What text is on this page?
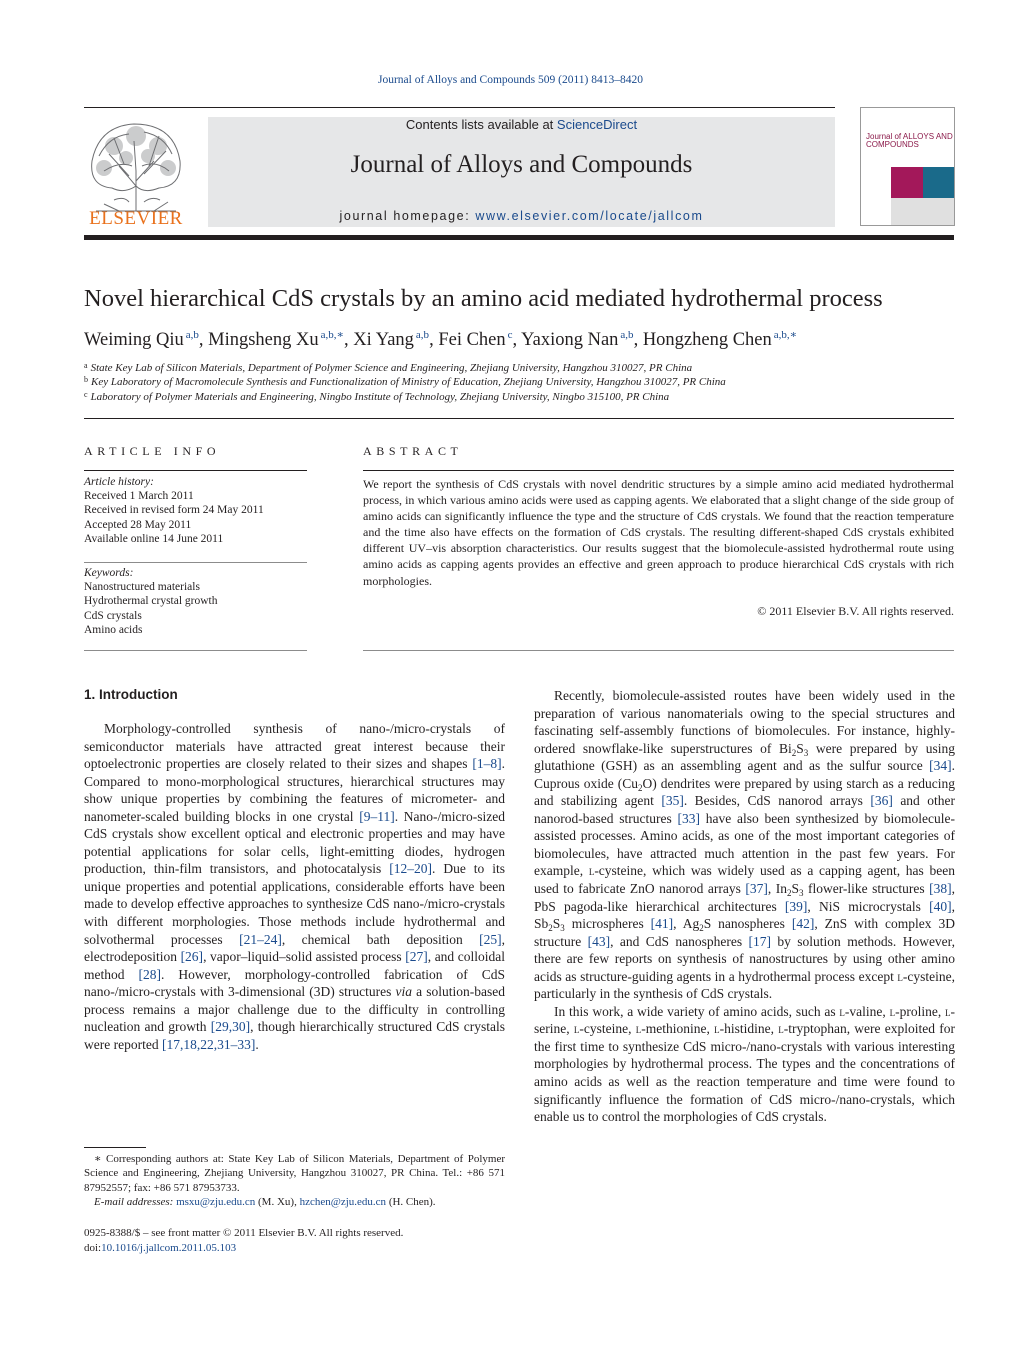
Journal of Alloys and Compounds 509 (2011) 8413–8420
ELSEVIER
Contents lists available at ScienceDirect
Journal of Alloys and Compounds
journal homepage: www.elsevier.com/locate/jallcom
Journal of ALLOYS AND COMPOUNDS
Novel hierarchical CdS crystals by an amino acid mediated hydrothermal process
Weiming Qiu $^{a,b}$, Mingsheng Xu $^{a,b,∗}$, Xi Yang $^{a,b}$, Fei Chen $^c$, Yaxiong Nan $^{a,b}$, Hongzheng Chen $^{a,b,∗}$
$^a$ State Key Lab of Silicon Materials, Department of Polymer Science and Engineering, Zhejiang University, Hangzhou 310027, PR China
$^b$ Key Laboratory of Macromolecule Synthesis and Functionalization of Ministry of Education, Zhejiang University, Hangzhou 310027, PR China
$^c$ Laboratory of Polymer Materials and Engineering, Ningbo Institute of Technology, Zhejiang University, Ningbo 315100, PR China
ARTICLE INFO	ABSTRACT
Article history:
Received 1 March 2011
Received in revised form 24 May 2011
Accepted 28 May 2011
Available online 14 June 2011
Keywords:
Nanostructured materials
Hydrothermal crystal growth
CdS crystals
Amino acids
We report the synthesis of CdS crystals with novel dendritic structures by a simple amino acid mediated hydrothermal process, in which various amino acids were used as capping agents. We elaborated that a slight change of the side group of amino acids can significantly influence the type and the structure of CdS crystals. We found that the reaction temperature and the time also have effects on the formation of CdS crystals. The resulting different-shaped CdS crystals exhibited different UV–vis absorption characteristics. Our results suggest that the biomolecule-assisted hydrothermal route using amino acids as capping agents provides an effective and green approach to produce hierarchical CdS crystals with rich morphologies.
© 2011 Elsevier B.V. All rights reserved.
1. Introduction

Morphology-controlled synthesis of nano-/micro-crystals of semiconductor materials have attracted great interest because their optoelectronic properties are closely related to their sizes and shapes [1–8]. Compared to mono-morphological structures, hierarchical structures may show unique properties by combining the features of micrometer- and nanometer-scaled building blocks in one crystal [9–11]. Nano-/micro-sized CdS crystals show excellent optical and electronic properties and may have potential applications for solar cells, light-emitting diodes, hydrogen production, thin-film transistors, and photocatalysis [12–20]. Due to its unique properties and potential applications, considerable efforts have been made to develop effective approaches to synthesize CdS nano-/micro-crystals with different morphologies. Those methods include hydrothermal and solvothermal processes [21–24], chemical bath deposition [25], electrodeposition [26], vapor–liquid–solid assisted process [27], and colloidal method [28]. However, morphology-controlled fabrication of CdS nano-/micro-crystals with 3-dimensional (3D) structures via a solution-based process remains a major challenge due to the difficulty in controlling nucleation and growth [29,30], though hierarchically structured CdS crystals were reported [17,18,22,31–33].

Recently, biomolecule-assisted routes have been widely used in the preparation of various nanomaterials owing to the special structures and fascinating self-assembly functions of biomolecules. For instance, highly-ordered snowflake-like superstructures of $Bi_2S_3$ were prepared by using glutathione (GSH) as an assembling agent and as the sulfur source [34]. Cuprous oxide $(Cu_2O)$ dendrites were prepared by using starch as a reducing and stabilizing agent [35]. Besides, CdS nanorod arrays [36] and other nanorod-based structures [33] have also been synthesized by biomolecule-assisted processes. Amino acids, as one of the most important categories of biomolecules, have attracted much attention in the past few years. For example, l-cysteine, which was widely used as a capping agent, has been used to fabricate ZnO nanorod arrays [37], $In_2S_3$ flower-like structures [38], PbS pagoda-like hierarchical architectures [39], NiS microcrystals [40], $Sb_2S_3$ microspheres [41], $Ag_2S$ nanospheres [42], ZnS with complex 3D structure [43], and CdS nanospheres [17] by solution methods. However, there are few reports on synthesis of nanostructures by using other amino acids as structure-guiding agents in a hydrothermal process except l-cysteine, particularly in the synthesis of CdS crystals.

In this work, a wide variety of amino acids, such as l-valine, l-proline, l-serine, l-cysteine, l-methionine, l-histidine, l-tryptophan, were exploited for the first time to synthesize CdS micro-/nano-crystals with various interesting morphologies by hydrothermal process. The types and the concentrations of amino acids as well as the reaction temperature and time were found to significantly influence the formation of CdS micro-/nano-crystals, which enable us to control the morphologies of CdS crystals.

∗ Corresponding authors at: State Key Lab of Silicon Materials, Department of Polymer Science and Engineering, Zhejiang University, Hangzhou 310027, PR China. Tel.: +86 571 87952557; fax: +86 571 87953733.

E-mail addresses: msxu@zju.edu.cn (M. Xu), hzchen@zju.edu.cn (H. Chen).

0925-8388/$ – see front matter © 2011 Elsevier B.V. All rights reserved.
doi:10.1016/j.jallcom.2011.05.103
